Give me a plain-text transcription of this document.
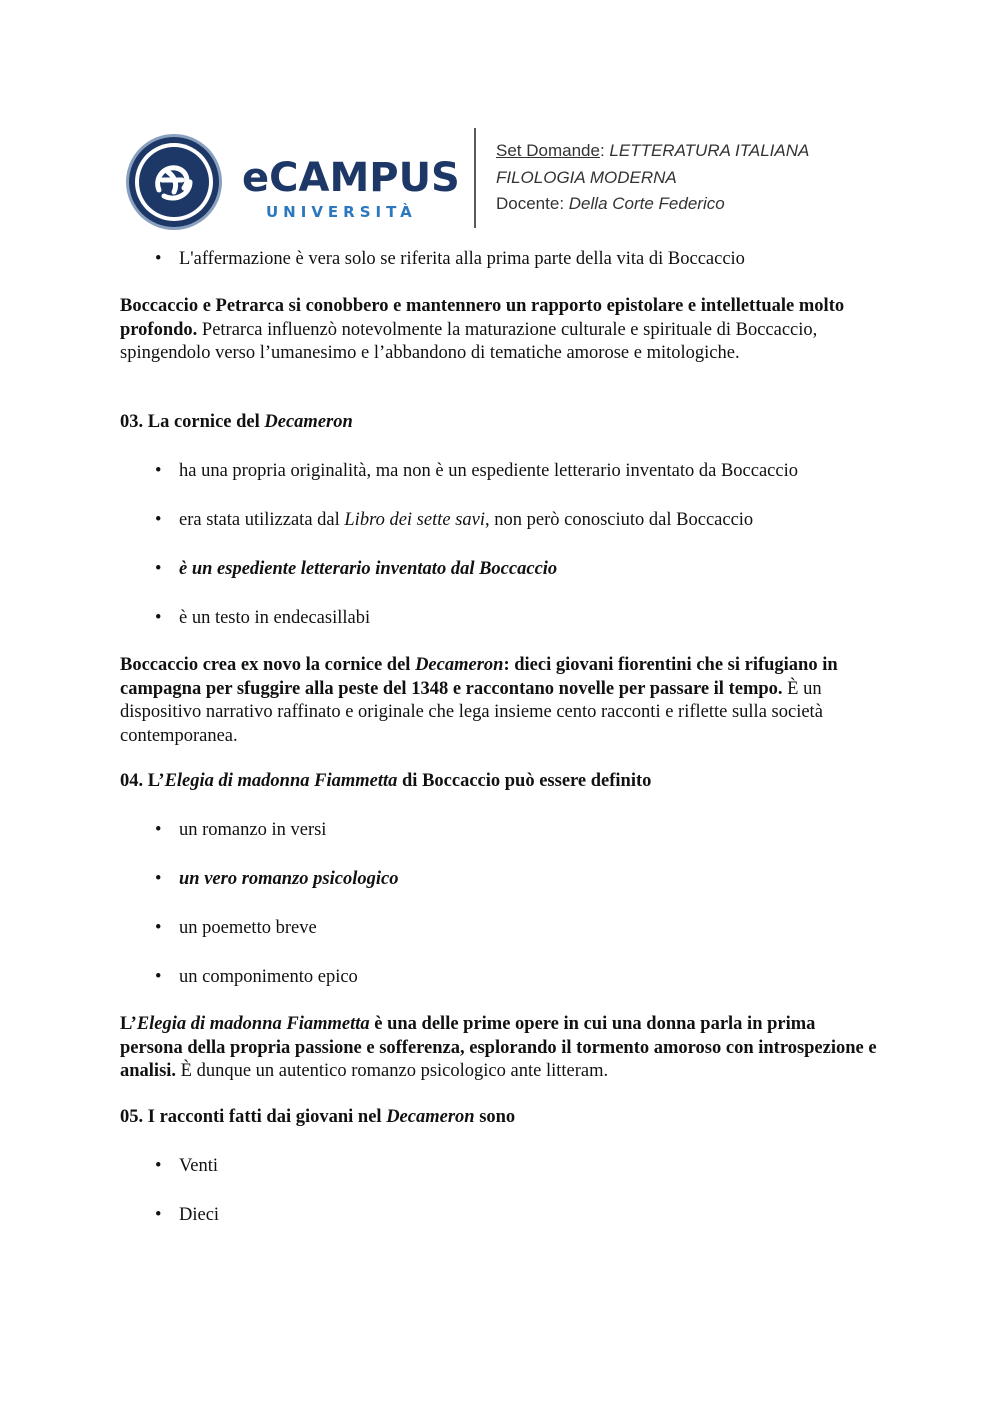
eCAMPUS
UNIVERSITÀ
Set Domande: LETTERATURA ITALIANA
FILOLOGIA MODERNA
Docente: Della Corte Federico
• L'affermazione è vera solo se riferita alla prima parte della vita di Boccaccio

Boccaccio e Petrarca si conobbero e mantennero un rapporto epistolare e intellettuale molto profondo. Petrarca influenzò notevolmente la maturazione culturale e spirituale di Boccaccio, spingendolo verso l’umanesimo e l’abbandono di tematiche amorose e mitologiche.

03. La cornice del Decameron
• ha una propria originalità, ma non è un espediente letterario inventato da Boccaccio
• era stata utilizzata dal Libro dei sette savi, non però conosciuto dal Boccaccio
• è un espediente letterario inventato dal Boccaccio
• è un testo in endecasillabi

Boccaccio crea ex novo la cornice del Decameron: dieci giovani fiorentini che si rifugiano in campagna per sfuggire alla peste del 1348 e raccontano novelle per passare il tempo. È un dispositivo narrativo raffinato e originale che lega insieme cento racconti e riflette sulla società contemporanea.

04. L’Elegia di madonna Fiammetta di Boccaccio può essere definito
• un romanzo in versi
• un vero romanzo psicologico
• un poemetto breve
• un componimento epico

L’Elegia di madonna Fiammetta è una delle prime opere in cui una donna parla in prima persona della propria passione e sofferenza, esplorando il tormento amoroso con introspezione e analisi. È dunque un autentico romanzo psicologico ante litteram.

05. I racconti fatti dai giovani nel Decameron sono
• Venti
• Dieci
